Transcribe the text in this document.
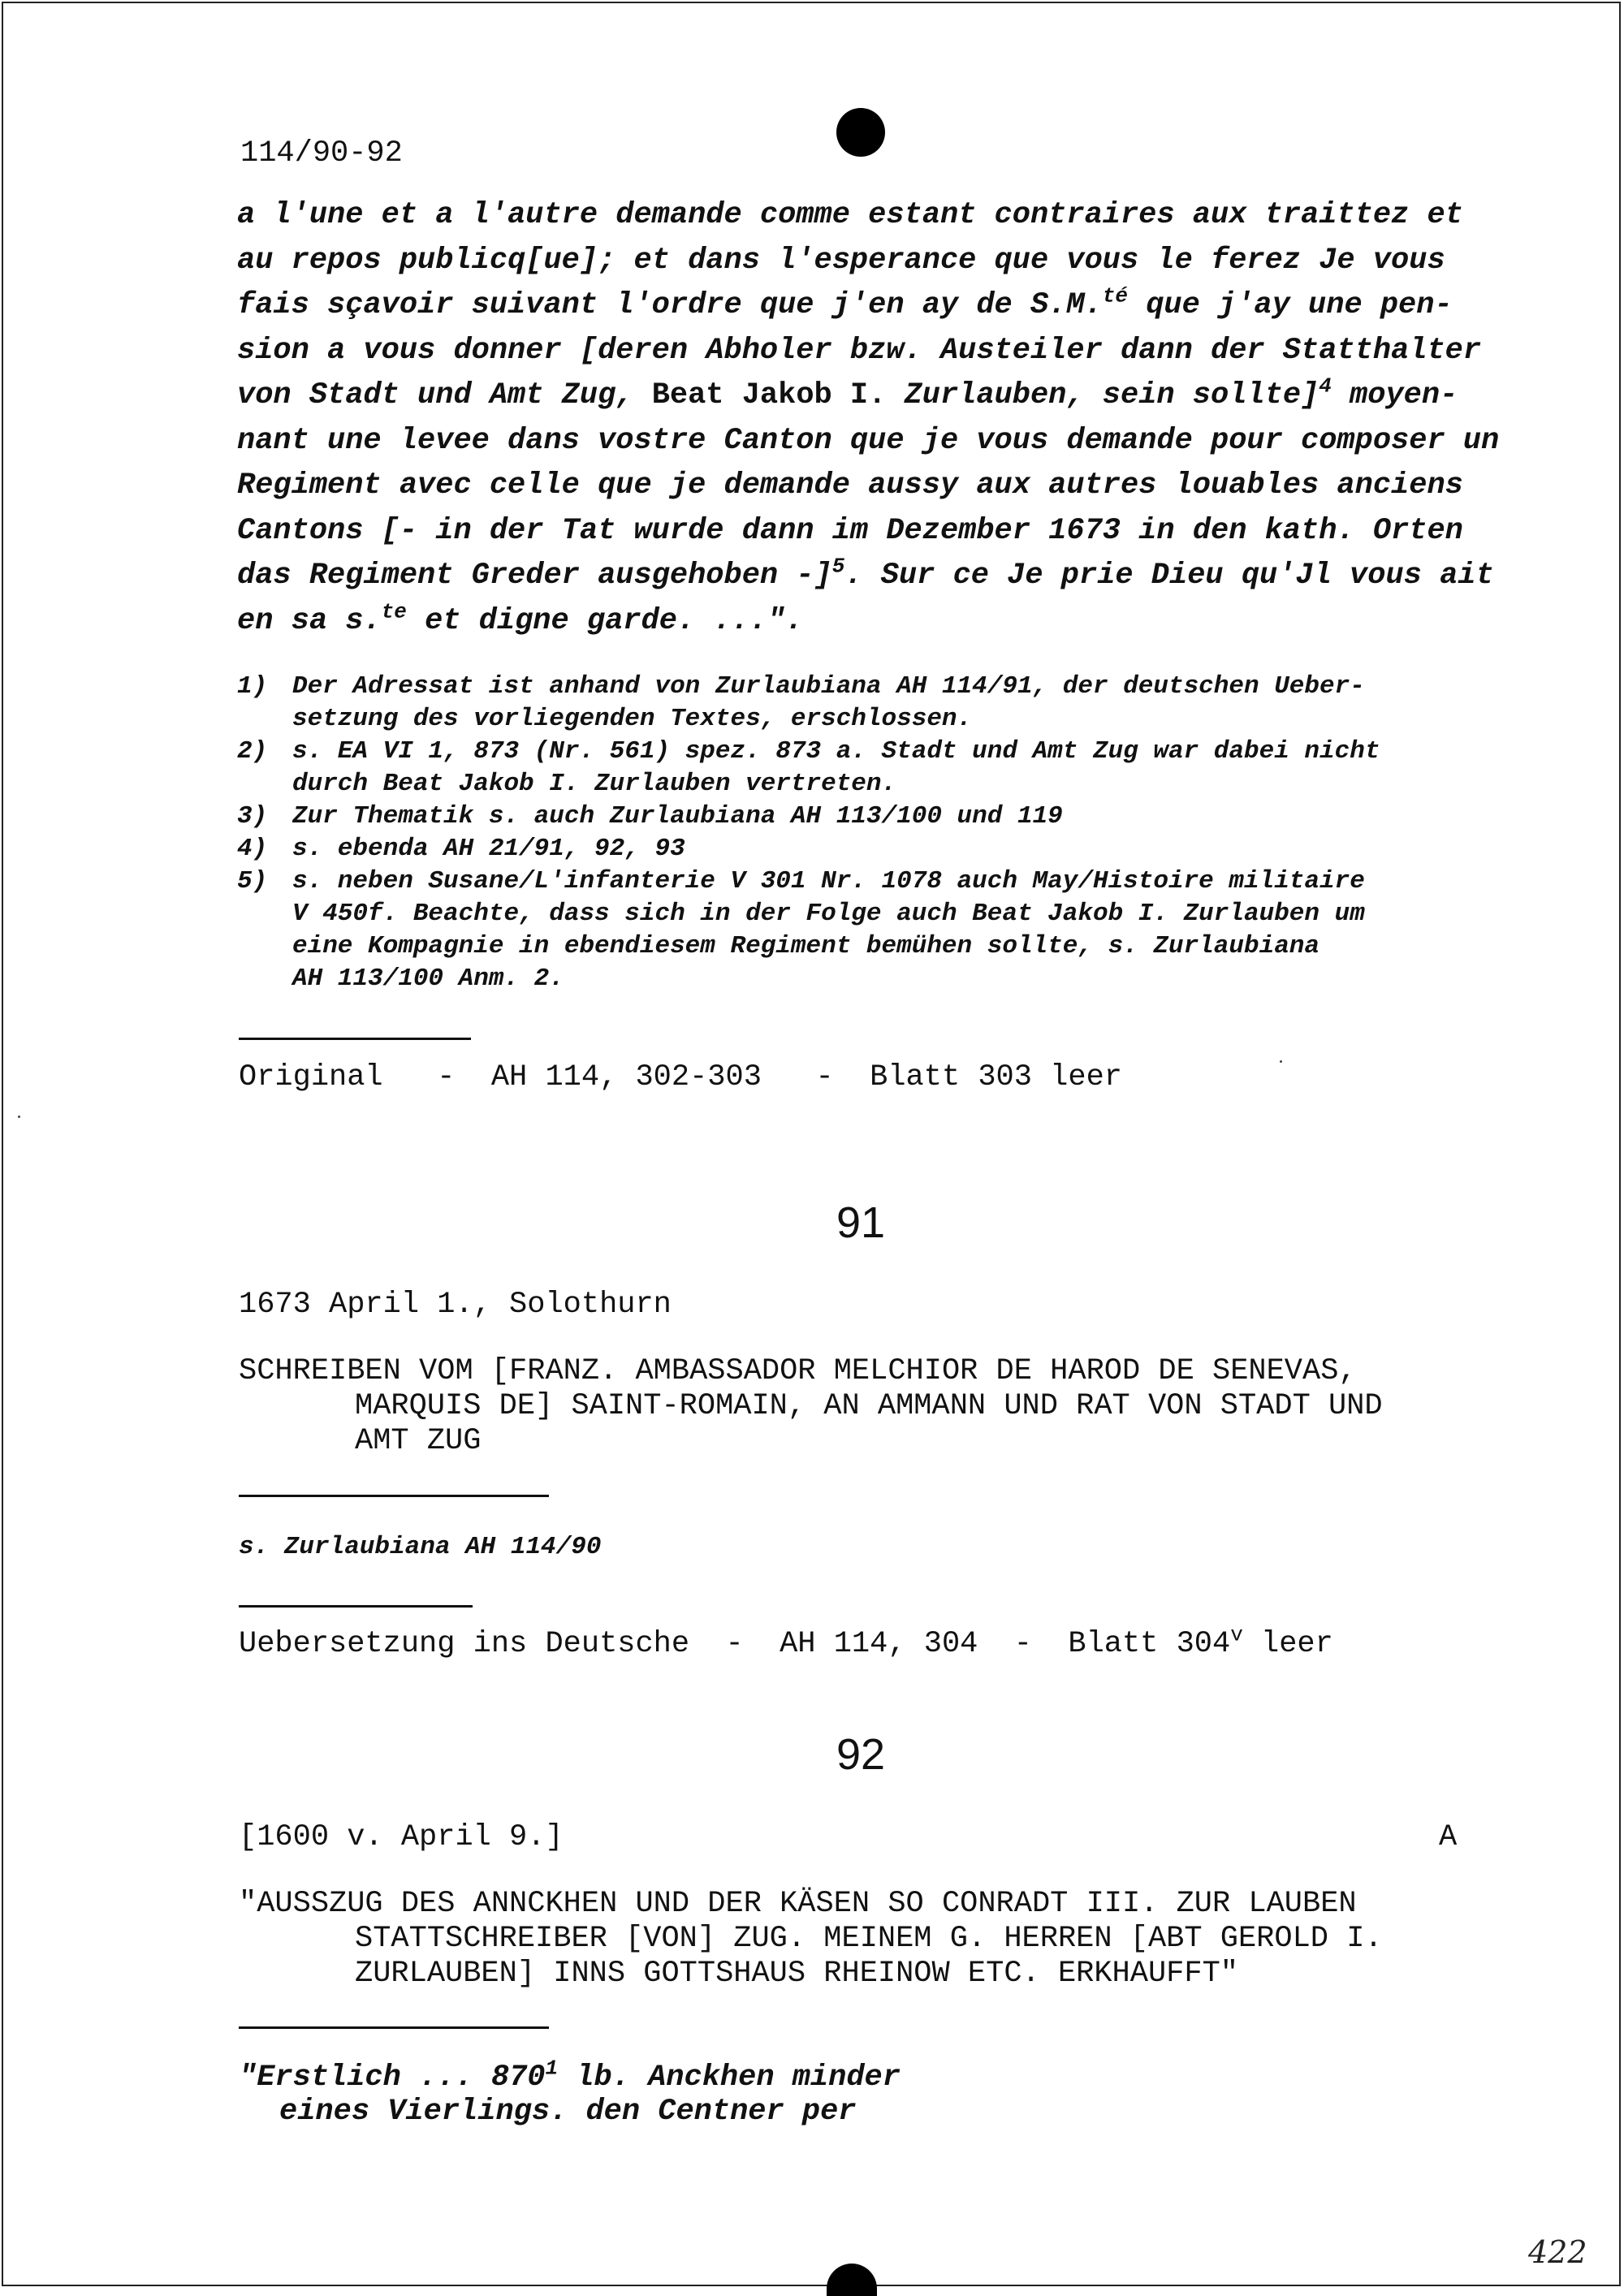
114/90-92
a l'une et a l'autre demande comme estant contraires aux traittez et
au repos publicq[ue]; et dans l'esperance que vous le ferez Je vous
fais sçavoir suivant l'ordre que j'en ay de S.M.$^{té}$ que j'ay une pen-
sion a vous donner [deren Abholer bzw. Austeiler dann der Statthalter
von Stadt und Amt Zug, Beat Jakob I. Zurlauben, sein sollte]$^4$ moyen-
nant une levee dans vostre Canton que je vous demande pour composer un
Regiment avec celle que je demande aussy aux autres louables anciens
Cantons [- in der Tat wurde dann im Dezember 1673 in den kath. Orten
das Regiment Greder ausgehoben -]$^5$. Sur ce Je prie Dieu qu'Jl vous ait
en sa s.$^{te}$ et digne garde. ...".
1) Der Adressat ist anhand von Zurlaubiana AH 114/91, der deutschen Ueber-
setzung des vorliegenden Textes, erschlossen.
2) s. EA VI 1, 873 (Nr. 561) spez. 873 a. Stadt und Amt Zug war dabei nicht
durch Beat Jakob I. Zurlauben vertreten.
3) Zur Thematik s. auch Zurlaubiana AH 113/100 und 119
4) s. ebenda AH 21/91, 92, 93
5) s. neben Susane/L'infanterie V 301 Nr. 1078 auch May/Histoire militaire
V 450f. Beachte, dass sich in der Folge auch Beat Jakob I. Zurlauben um
eine Kompagnie in ebendiesem Regiment bemühen sollte, s. Zurlaubiana
AH 113/100 Anm. 2.
Original   -  AH 114, 302-303   -  Blatt 303 leer
91
1673 April 1., Solothurn
SCHREIBEN VOM [FRANZ. AMBASSADOR MELCHIOR DE HAROD DE SENEVAS,
MARQUIS DE] SAINT-ROMAIN, AN AMMANN UND RAT VON STADT UND
AMT ZUG
s. Zurlaubiana AH 114/90
Uebersetzung ins Deutsche  -  AH 114, 304  -  Blatt 304$^v$ leer
92
[1600 v. April 9.]	A
"AUSSZUG DES ANNCKHEN UND DER KÄSEN SO CONRADT III. ZUR LAUBEN
STATTSCHREIBER [VON] ZUG. MEINEM G. HERREN [ABT GEROLD I.
ZURLAUBEN] INNS GOTTSHAUS RHEINOW ETC. ERKHAUFFT"
"Erstlich ... $870^1$ lb. Anckhen minder
eines Vierlings. den Centner per
422
